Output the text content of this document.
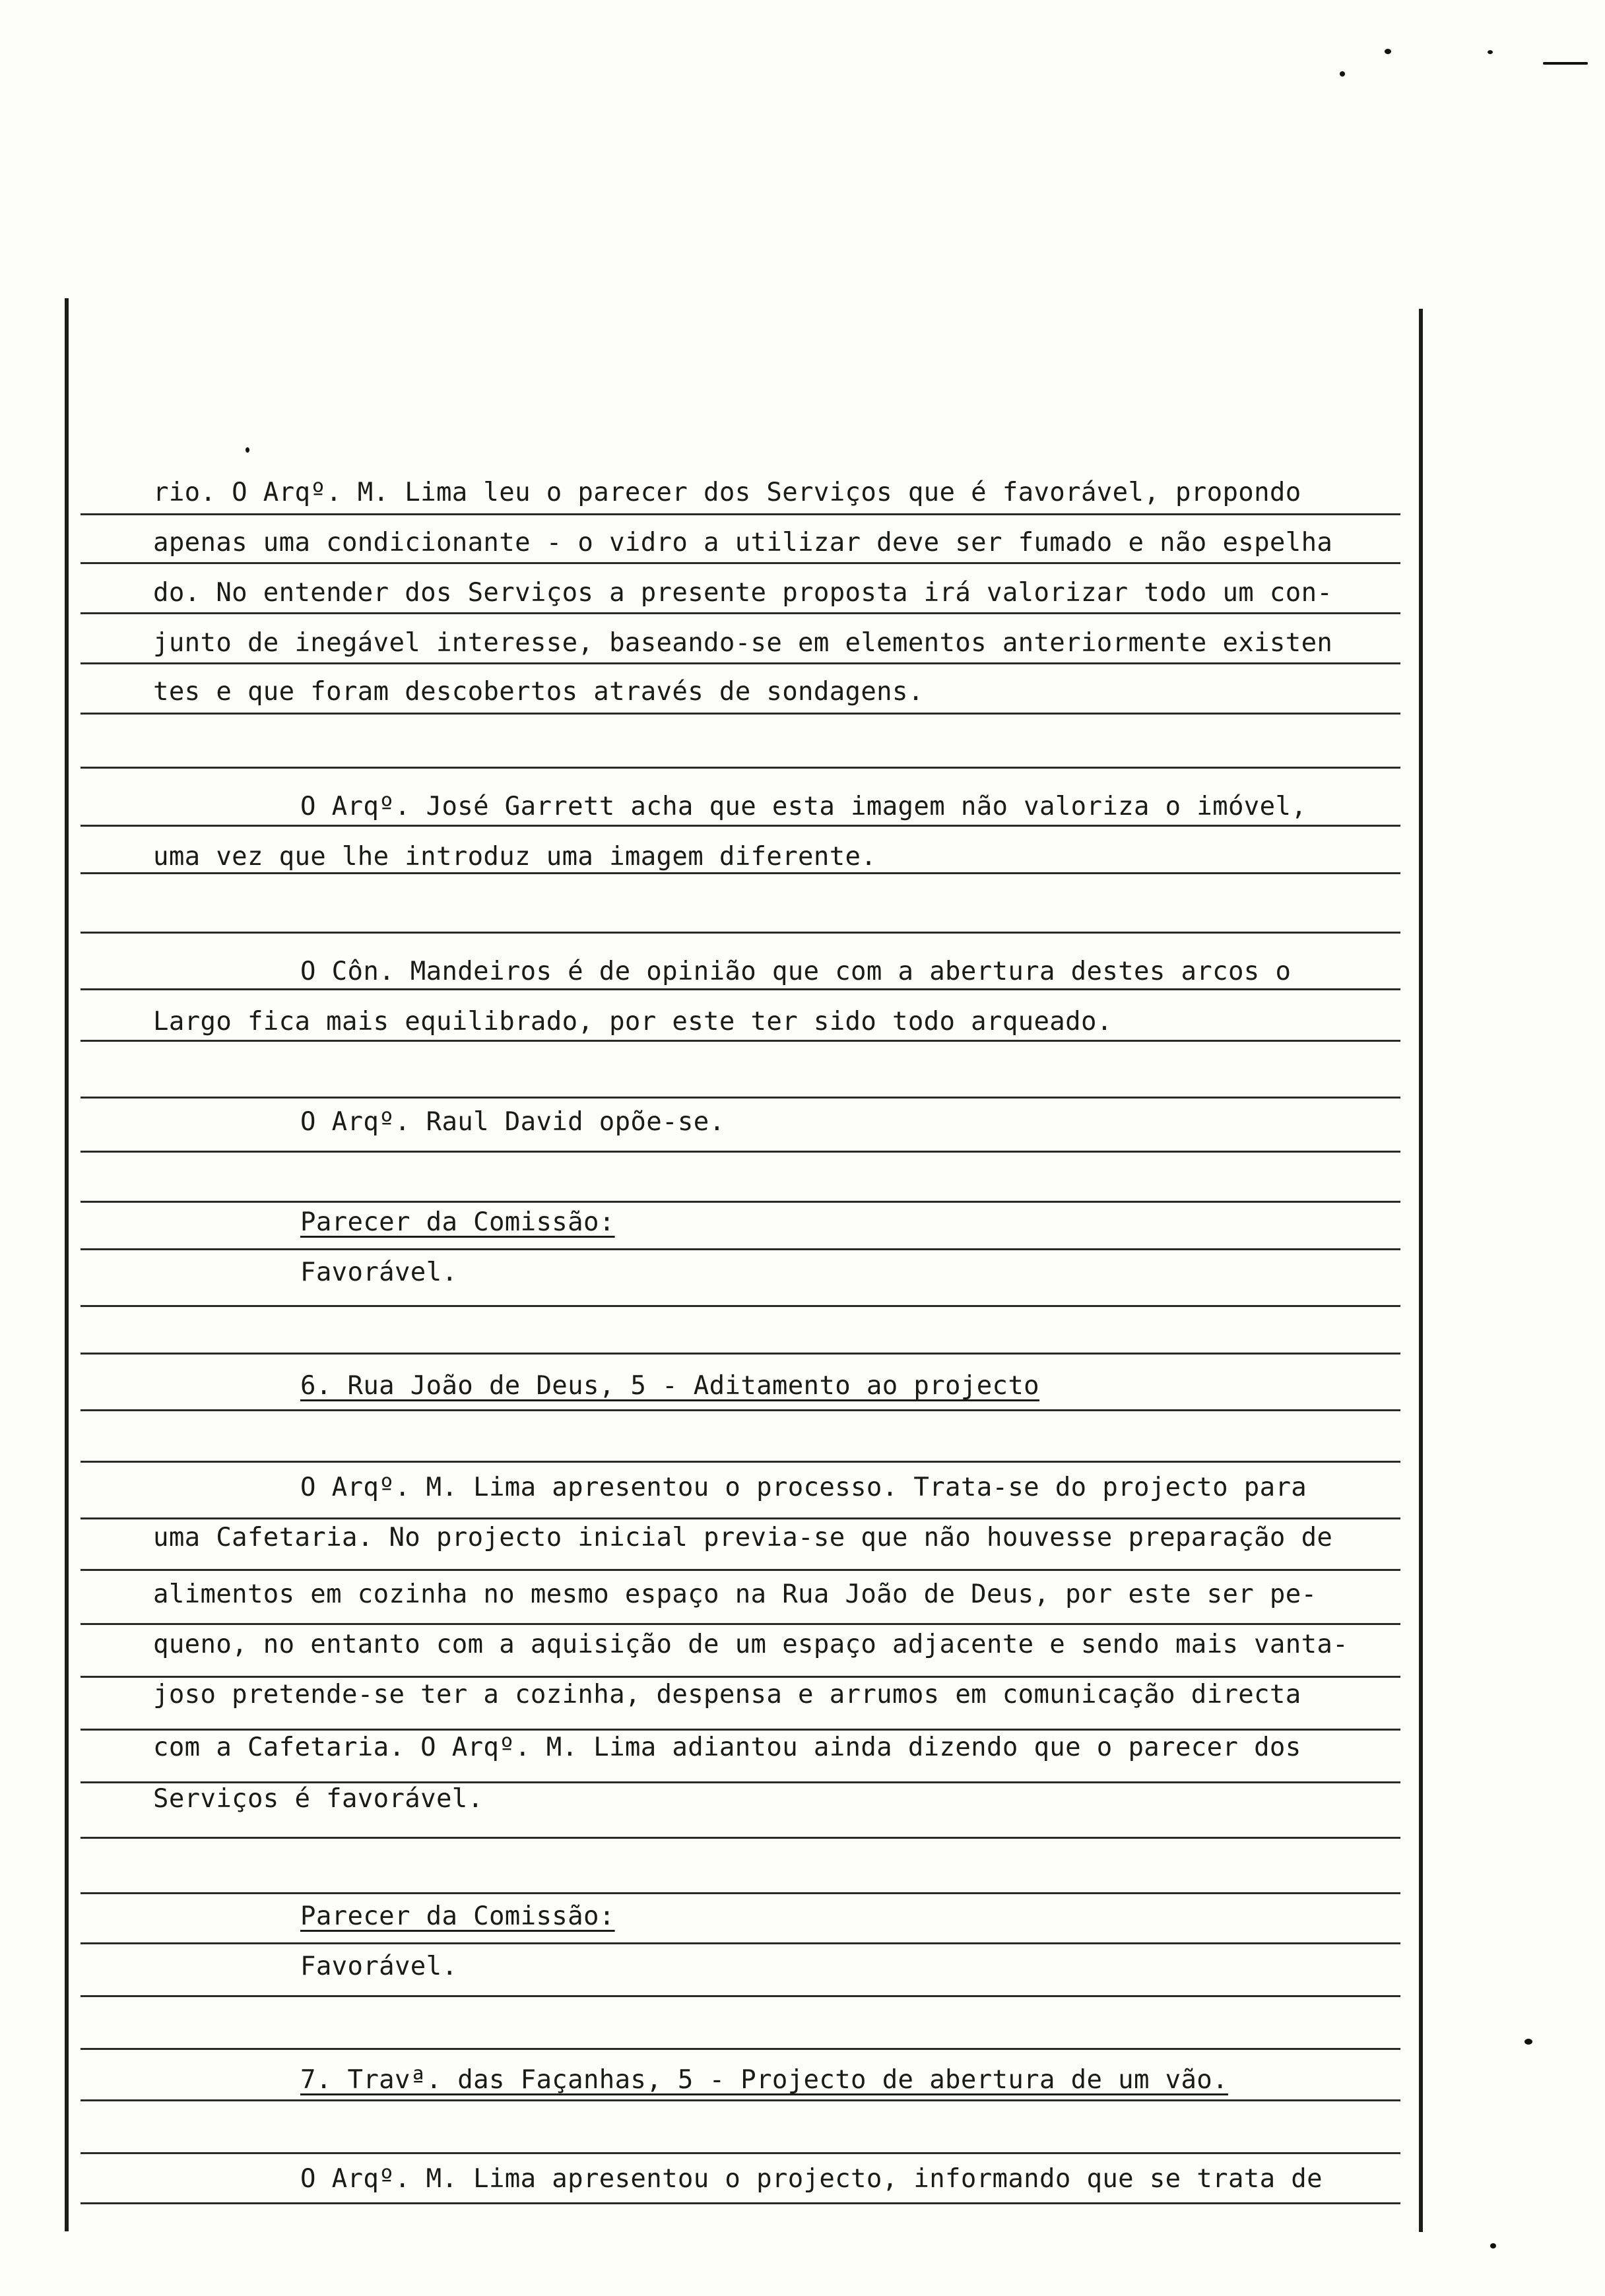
rio. O Arqº. M. Lima leu o parecer dos Serviços que é favorável, propondo

apenas uma condicionante - o vidro a utilizar deve ser fumado e não espelha

do. No entender dos Serviços a presente proposta irá valorizar todo um con-

junto de inegável interesse, baseando-se em elementos anteriormente existen

tes e que foram descobertos através de sondagens.

O Arqº. José Garrett acha que esta imagem não valoriza o imóvel,

uma vez que lhe introduz uma imagem diferente.

O Côn. Mandeiros é de opinião que com a abertura destes arcos o

Largo fica mais equilibrado, por este ter sido todo arqueado.

O Arqº. Raul David opõe-se.

Parecer da Comissão:

Favorável.

6. Rua João de Deus, 5 - Aditamento ao projecto

O Arqº. M. Lima apresentou o processo. Trata-se do projecto para

uma Cafetaria. No projecto inicial previa-se que não houvesse preparação de

alimentos em cozinha no mesmo espaço na Rua João de Deus, por este ser pe-

queno, no entanto com a aquisição de um espaço adjacente e sendo mais vanta-

joso pretende-se ter a cozinha, despensa e arrumos em comunicação directa

com a Cafetaria. O Arqº. M. Lima adiantou ainda dizendo que o parecer dos

Serviços é favorável.

Parecer da Comissão:

Favorável.

7. Travª. das Façanhas, 5 - Projecto de abertura de um vão.

O Arqº. M. Lima apresentou o projecto, informando que se trata de
